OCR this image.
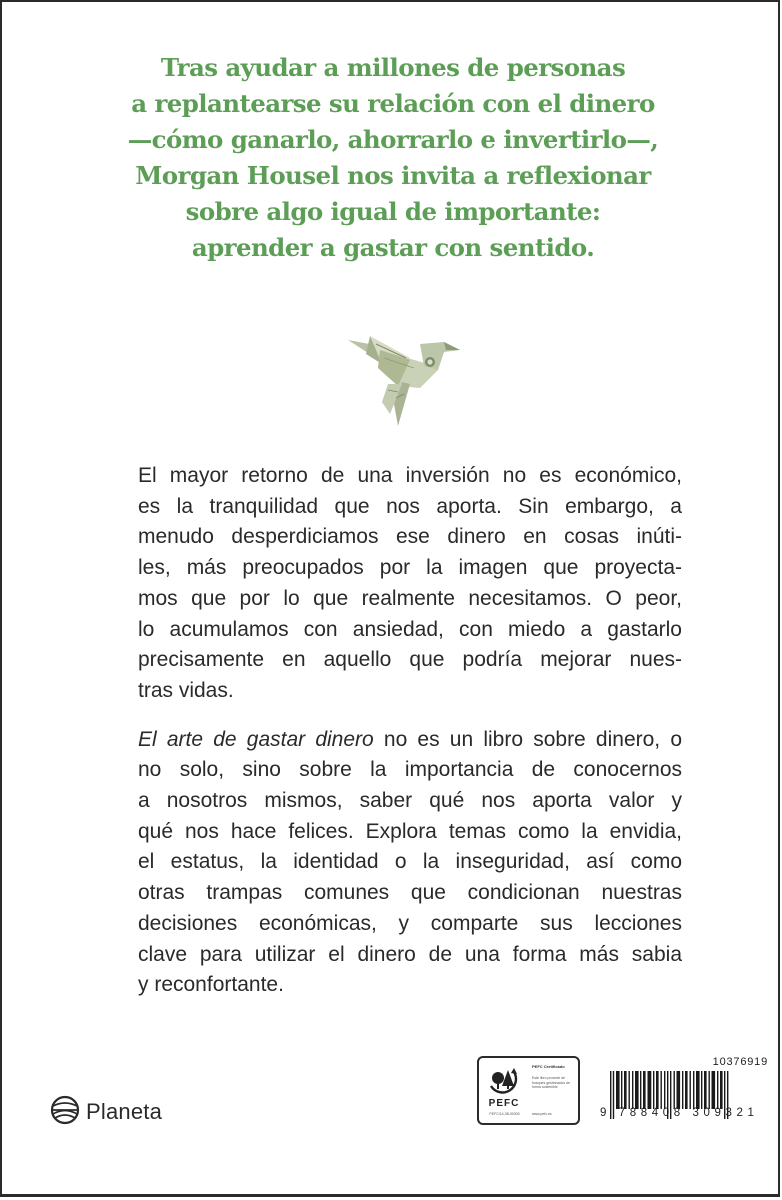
Tras ayudar a millones de personas
a replantearse su relación con el dinero
—cómo ganarlo, ahorrarlo e invertirlo—,
Morgan Housel nos invita a reflexionar
sobre algo igual de importante:
aprender a gastar con sentido.
El mayor retorno de una inversión no es económico,
es la tranquilidad que nos aporta. Sin embargo, a
menudo desperdiciamos ese dinero en cosas inúti-
les, más preocupados por la imagen que proyecta-
mos que por lo que realmente necesitamos. O peor,
lo acumulamos con ansiedad, con miedo a gastarlo
precisamente en aquello que podría mejorar nues-
tras vidas.
El arte de gastar dinero no es un libro sobre dinero, o
no solo, sino sobre la importancia de conocernos
a nosotros mismos, saber qué nos aporta valor y
qué nos hace felices. Explora temas como la envidia,
el estatus, la identidad o la inseguridad, así como
otras trampas comunes que condicionan nuestras
decisiones económicas, y comparte sus lecciones
clave para utilizar el dinero de una forma más sabia
y reconfortante.
Planeta	PEFC
PEFC/14-38-00305
PEFC Certificado
Este libro procede de bosques gestionados de forma sostenible
www.pefc.es
10376919
9 788408 309321
